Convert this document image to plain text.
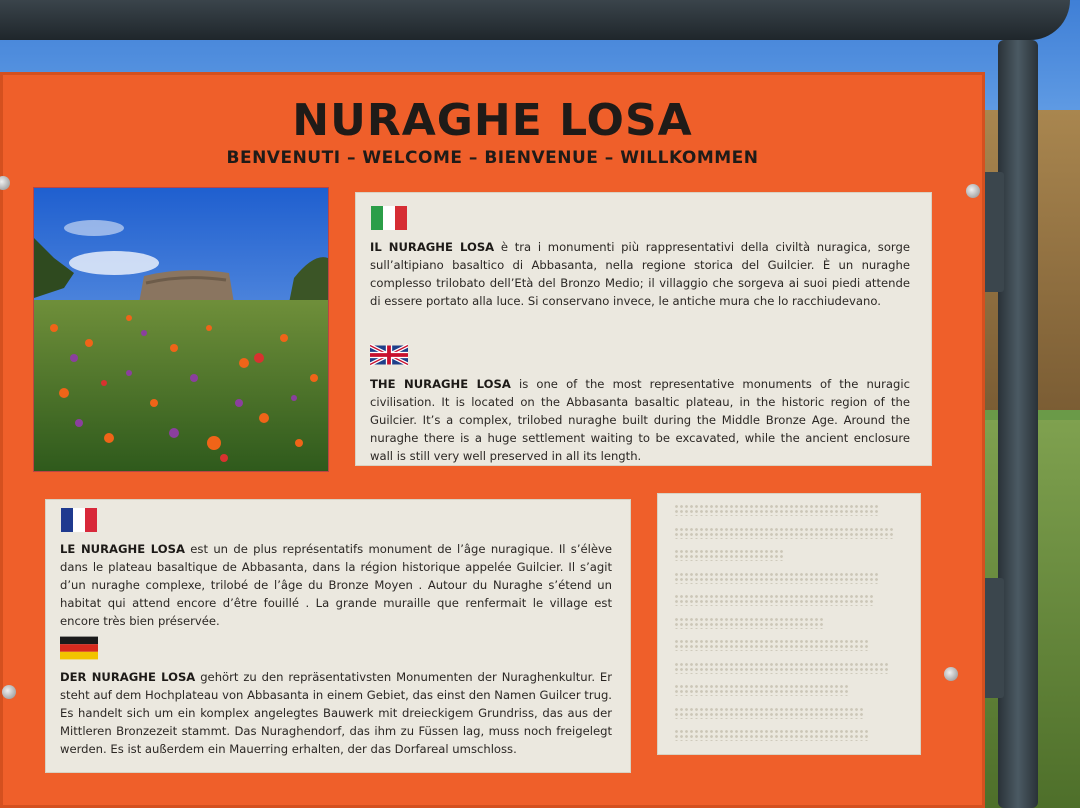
NURAGHE LOSA
BENVENUTI – WELCOME – BIENVENUE – WILLKOMMEN

IL NURAGHE LOSA è tra i monumenti più rappresentativi della civiltà nuragica, sorge sull’altipiano basaltico di Abbasanta, nella regione storica del Guilcier. È un nuraghe complesso trilobato dell’Età del Bronzo Medio; il villaggio che sorgeva ai suoi piedi attende di essere portato alla luce. Si conservano invece, le antiche mura che lo racchiudevano.

THE NURAGHE LOSA is one of the most representative monuments of the nuragic civilisation. It is located on the Abbasanta basaltic plateau, in the historic region of the Guilcier. It’s a complex, trilobed nuraghe built during the Middle Bronze Age. Around the nuraghe there is a huge settlement waiting to be excavated, while the ancient enclosure wall is still very well preserved in all its length.

LE NURAGHE LOSA est un de plus représentatifs monument de l’âge nuragique. Il s’élève dans le plateau basaltique de Abbasanta, dans la région historique appelée Guilcier. Il s’agit d’un nuraghe complexe, trilobé de l’âge du Bronze Moyen . Autour du Nuraghe s’étend un habitat qui attend encore d’être fouillé . La grande muraille que renfermait le village est encore très bien préservée.

DER NURAGHE LOSA gehört zu den repräsentativsten Monumenten der Nuraghenkultur. Er steht auf dem Hochplateau von Abbasanta in einem Gebiet, das einst den Namen Guilcer trug. Es handelt sich um ein komplex angelegtes Bauwerk mit dreieckigem Grundriss, das aus der Mittleren Bronzezeit stammt. Das Nuraghendorf, das ihm zu Füssen lag, muss noch freigelegt werden. Es ist außerdem ein Mauerring erhalten, der das Dorfareal umschloss.
